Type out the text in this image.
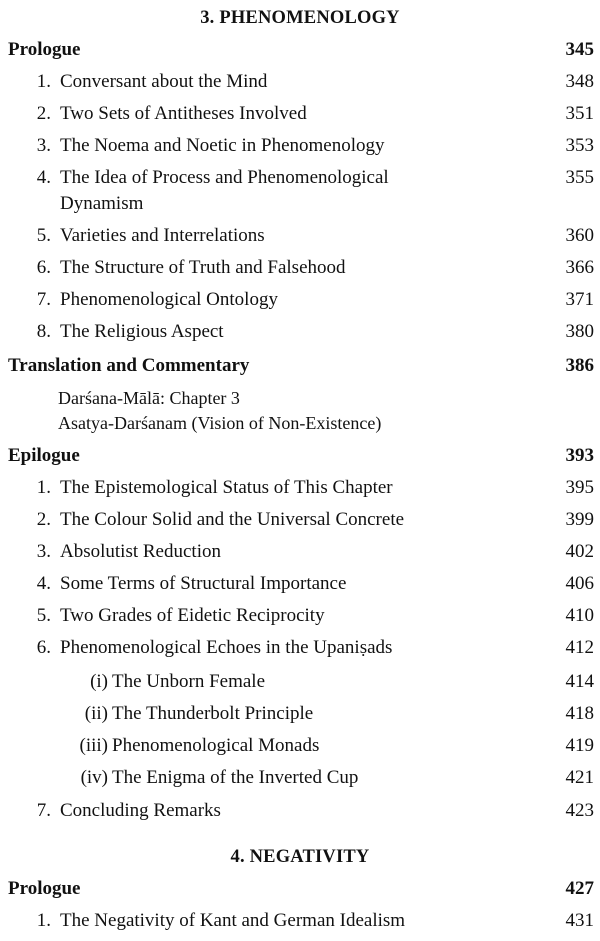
3. PHENOMENOLOGY
Prologue	345
1. Conversant about the Mind	348
2. Two Sets of Antitheses Involved	351
3. The Noema and Noetic in Phenomenology	353
4. The Idea of Process and Phenomenological	355
Dynamism
5. Varieties and Interrelations	360
6. The Structure of Truth and Falsehood	366
7. Phenomenological Ontology	371
8. The Religious Aspect	380
Translation and Commentary	386
Darśana-Mālā: Chapter 3
Asatya-Darśanam (Vision of Non-Existence)
Epilogue	393
1. The Epistemological Status of This Chapter	395
2. The Colour Solid and the Universal Concrete	399
3. Absolutist Reduction	402
4. Some Terms of Structural Importance	406
5. Two Grades of Eidetic Reciprocity	410
6. Phenomenological Echoes in the Upaniṣads	412
(i) The Unborn Female	414
(ii) The Thunderbolt Principle	418
(iii) Phenomenological Monads	419
(iv) The Enigma of the Inverted Cup	421
7. Concluding Remarks	423
4. NEGATIVITY
Prologue	427
1. The Negativity of Kant and German Idealism	431
